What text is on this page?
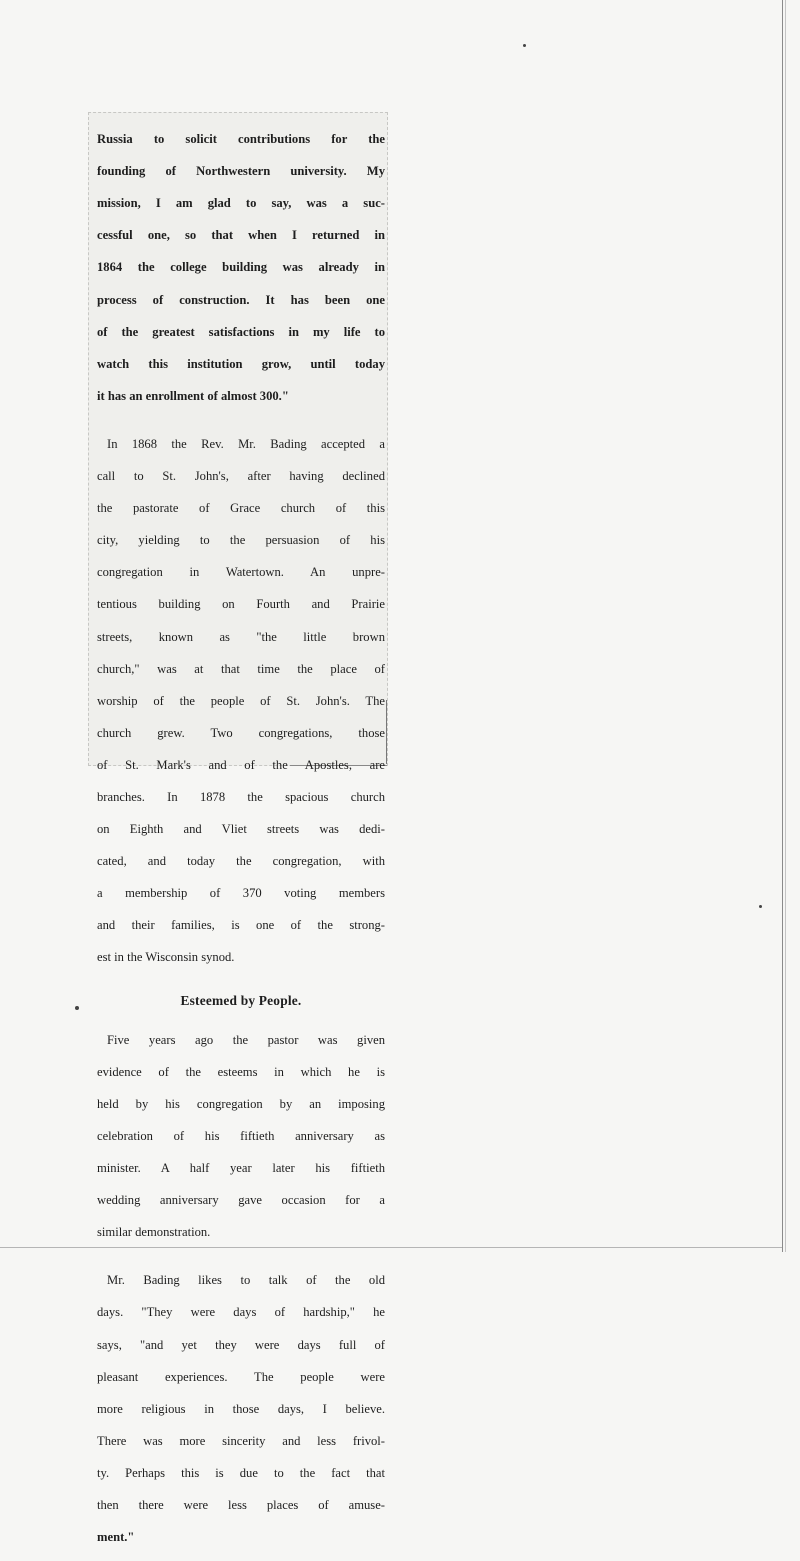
Russia to solicit contributions for the

founding of Northwestern university. My

mission, I am glad to say, was a suc-

cessful one, so that when I returned in

1864 the college building was already in

process of construction. It has been one

of the greatest satisfactions in my life to

watch this institution grow, until today

it has an enrollment of almost 300."

In 1868 the Rev. Mr. Bading accepted a

call to St. John's, after having declined

the pastorate of Grace church of this

city, yielding to the persuasion of his

congregation in Watertown. An unpre-

tentious building on Fourth and Prairie

streets, known as "the little brown

church," was at that time the place of

worship of the people of St. John's. The

church grew. Two congregations, those

of St. Mark's and of the Apostles, are

branches. In 1878 the spacious church

on Eighth and Vliet streets was dedi-

cated, and today the congregation, with

a membership of 370 voting members

and their families, is one of the strong-

est in the Wisconsin synod.

Esteemed by People.

Five years ago the pastor was given

evidence of the esteems in which he is

held by his congregation by an imposing

celebration of his fiftieth anniversary as

minister. A half year later his fiftieth

wedding anniversary gave occasion for a

similar demonstration.

Mr. Bading likes to talk of the old

days. "They were days of hardship," he

says, "and yet they were days full of

pleasant experiences. The people were

more religious in those days, I believe.

There was more sincerity and less frivol-

ty. Perhaps this is due to the fact that

then there were less places of amuse-

ment."
